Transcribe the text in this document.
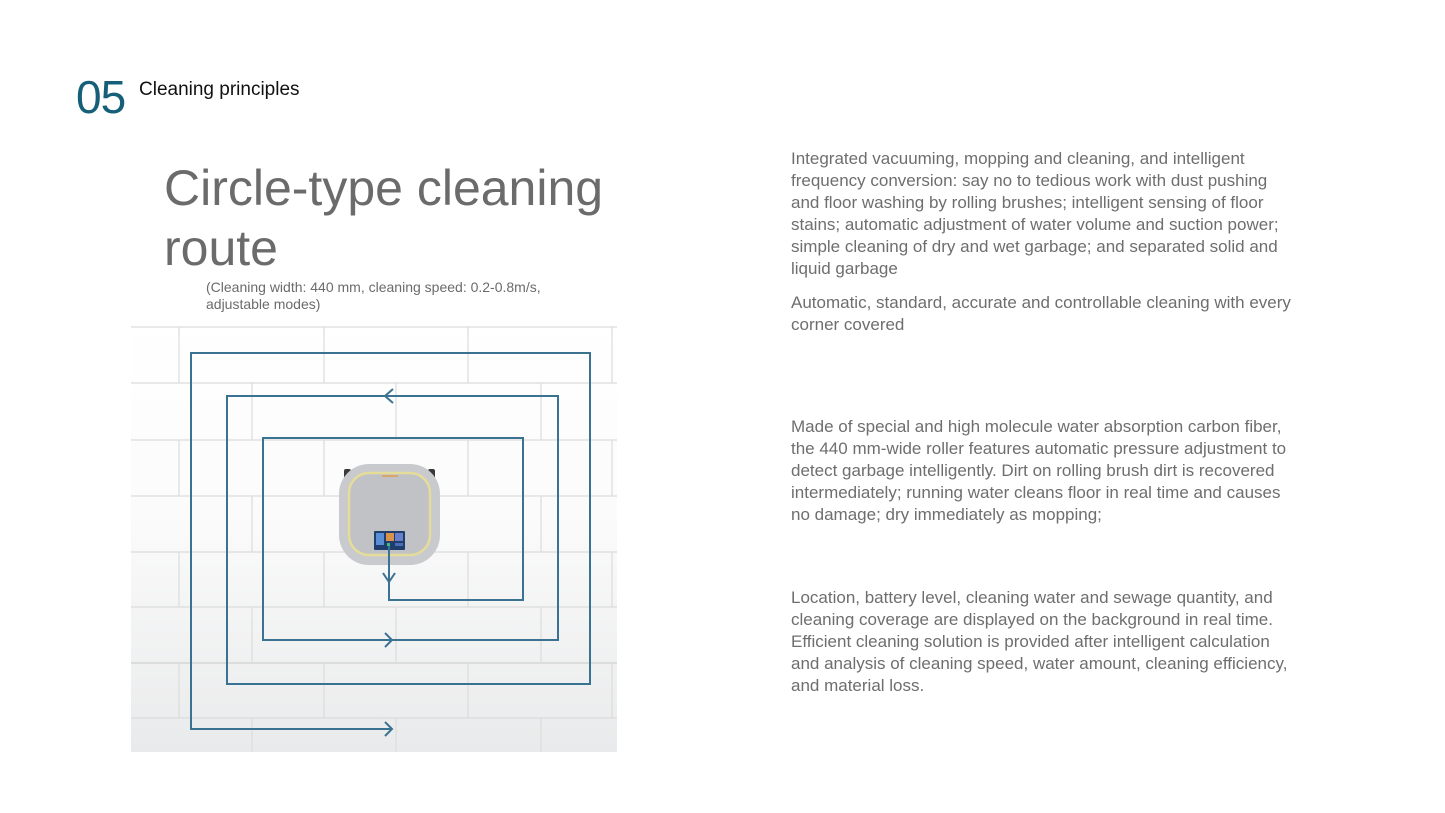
05 Cleaning principles
Circle-type cleaning route
(Cleaning width: 440 mm, cleaning speed: 0.2-0.8m/s, adjustable modes)
Integrated vacuuming, mopping and cleaning, and intelligent frequency conversion: say no to tedious work with dust pushing and floor washing by rolling brushes; intelligent sensing of floor stains; automatic adjustment of water volume and suction power; simple cleaning of dry and wet garbage; and separated solid and liquid garbage
Automatic, standard, accurate and controllable cleaning with every corner covered
Made of special and high molecule water absorption carbon fiber, the 440 mm-wide roller features automatic pressure adjustment to detect garbage intelligently. Dirt on rolling brush dirt is recovered intermediately; running water cleans floor in real time and causes no damage; dry immediately as mopping;
Location, battery level, cleaning water and sewage quantity, and cleaning coverage are displayed on the background in real time. Efficient cleaning solution is provided after intelligent calculation and analysis of cleaning speed, water amount, cleaning efficiency, and material loss.
